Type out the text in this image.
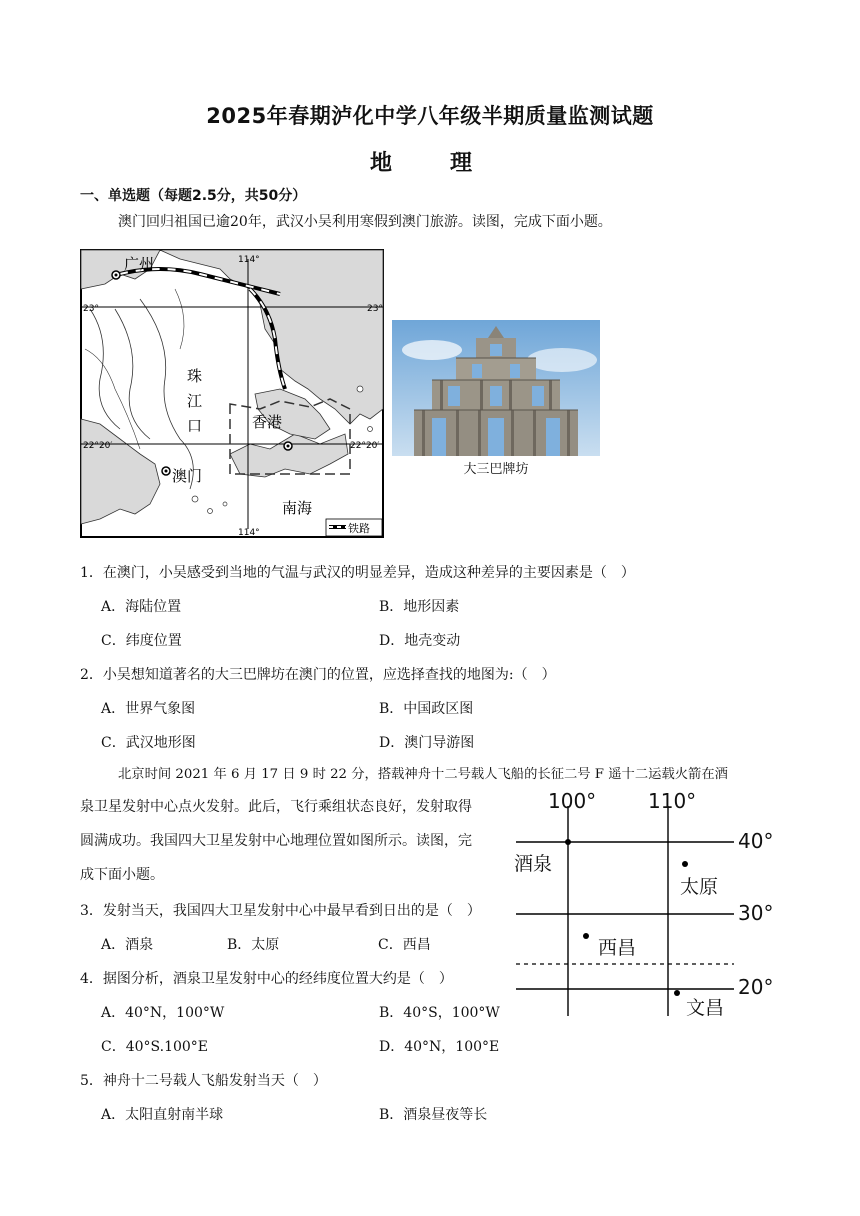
2025年春期泸化中学八年级半期质量监测试题
地　理
一、单选题（每题2.5分，共50分）
澳门回归祖国已逾20年，武汉小吴利用寒假到澳门旅游。读图，完成下面小题。
广州
珠
江
口	香港
澳门
南海
114°
114°
23°	23°
22°20′	22°20′
铁路
大三巴牌坊
1．在澳门，小吴感受到当地的气温与武汉的明显差异，造成这种差异的主要因素是（　）
A．海陆位置	B．地形因素
C．纬度位置	D．地壳变动
2．小吴想知道著名的大三巴牌坊在澳门的位置，应选择查找的地图为:（　）
A．世界气象图	B．中国政区图
C．武汉地形图	D．澳门导游图
北京时间 2021 年 6 月 17 日 9 时 22 分，搭载神舟十二号载人飞船的长征二号 F 遥十二运载火箭在酒
泉卫星发射中心点火发射。此后，飞行乘组状态良好，发射取得
圆满成功。我国四大卫星发射中心地理位置如图所示。读图，完
成下面小题。
3．发射当天，我国四大卫星发射中心中最早看到日出的是（　）
A．酒泉	B．太原	C．西昌
4．据图分析，酒泉卫星发射中心的经纬度位置大约是（　）
A．40°N，100°W	B．40°S，100°W
C．40°S.100°E	D．40°N，100°E
5．神舟十二号载人飞船发射当天（　）
A．太阳直射南半球	B．酒泉昼夜等长
100°	110°
40°
30°
20°
酒泉
太原
西昌
文昌
